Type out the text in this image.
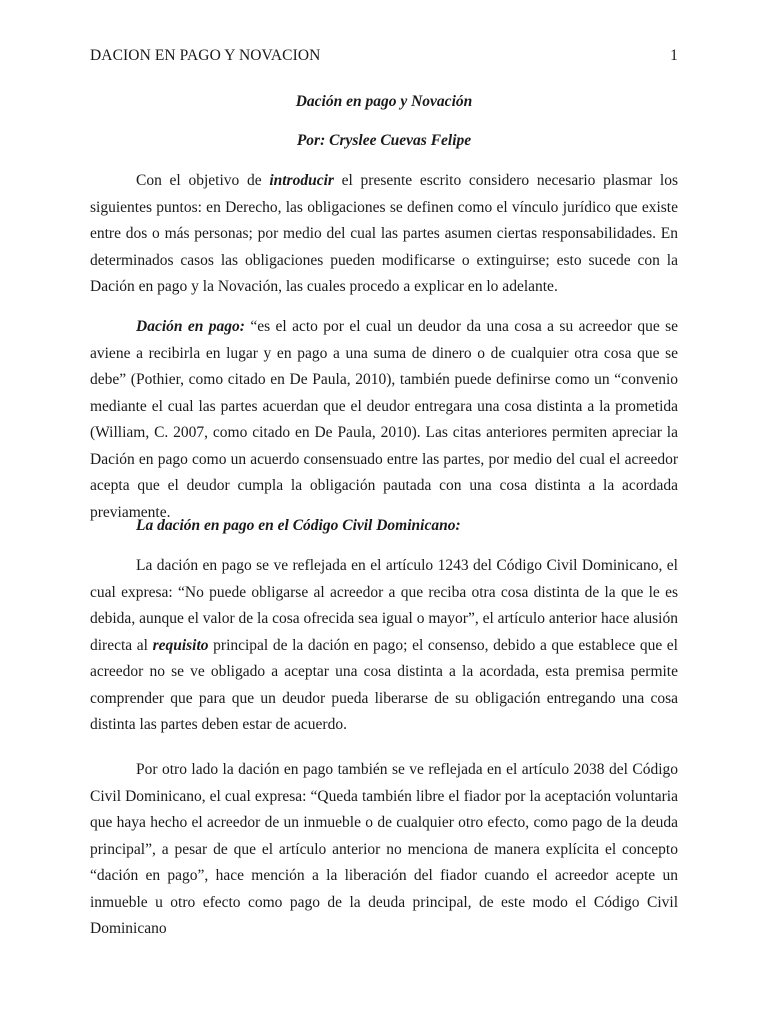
DACION EN PAGO Y NOVACION	1
Dación en pago y Novación
Por: Cryslee Cuevas Felipe

Con el objetivo de introducir el presente escrito considero necesario plasmar los siguientes puntos: en Derecho, las obligaciones se definen como el vínculo jurídico que existe entre dos o más personas; por medio del cual las partes asumen ciertas responsabilidades. En determinados casos las obligaciones pueden modificarse o extinguirse; esto sucede con la Dación en pago y la Novación, las cuales procedo a explicar en lo adelante.

Dación en pago: “es el acto por el cual un deudor da una cosa a su acreedor que se aviene a recibirla en lugar y en pago a una suma de dinero o de cualquier otra cosa que se debe” (Pothier, como citado en De Paula, 2010), también puede definirse como un “convenio mediante el cual las partes acuerdan que el deudor entregara una cosa distinta a la prometida (William, C. 2007, como citado en De Paula, 2010). Las citas anteriores permiten apreciar la Dación en pago como un acuerdo consensuado entre las partes, por medio del cual el acreedor acepta que el deudor cumpla la obligación pautada con una cosa distinta a la acordada previamente.

La dación en pago en el Código Civil Dominicano:

La dación en pago se ve reflejada en el artículo 1243 del Código Civil Dominicano, el cual expresa: “No puede obligarse al acreedor a que reciba otra cosa distinta de la que le es debida, aunque el valor de la cosa ofrecida sea igual o mayor”, el artículo anterior hace alusión directa al requisito principal de la dación en pago; el consenso, debido a que establece que el acreedor no se ve obligado a aceptar una cosa distinta a la acordada, esta premisa permite comprender que para que un deudor pueda liberarse de su obligación entregando una cosa distinta las partes deben estar de acuerdo.

Por otro lado la dación en pago también se ve reflejada en el artículo 2038 del Código Civil Dominicano, el cual expresa: “Queda también libre el fiador por la aceptación voluntaria que haya hecho el acreedor de un inmueble o de cualquier otro efecto, como pago de la deuda principal”, a pesar de que el artículo anterior no menciona de manera explícita el concepto “dación en pago”, hace mención a la liberación del fiador cuando el acreedor acepte un inmueble u otro efecto como pago de la deuda principal, de este modo el Código Civil Dominicano
